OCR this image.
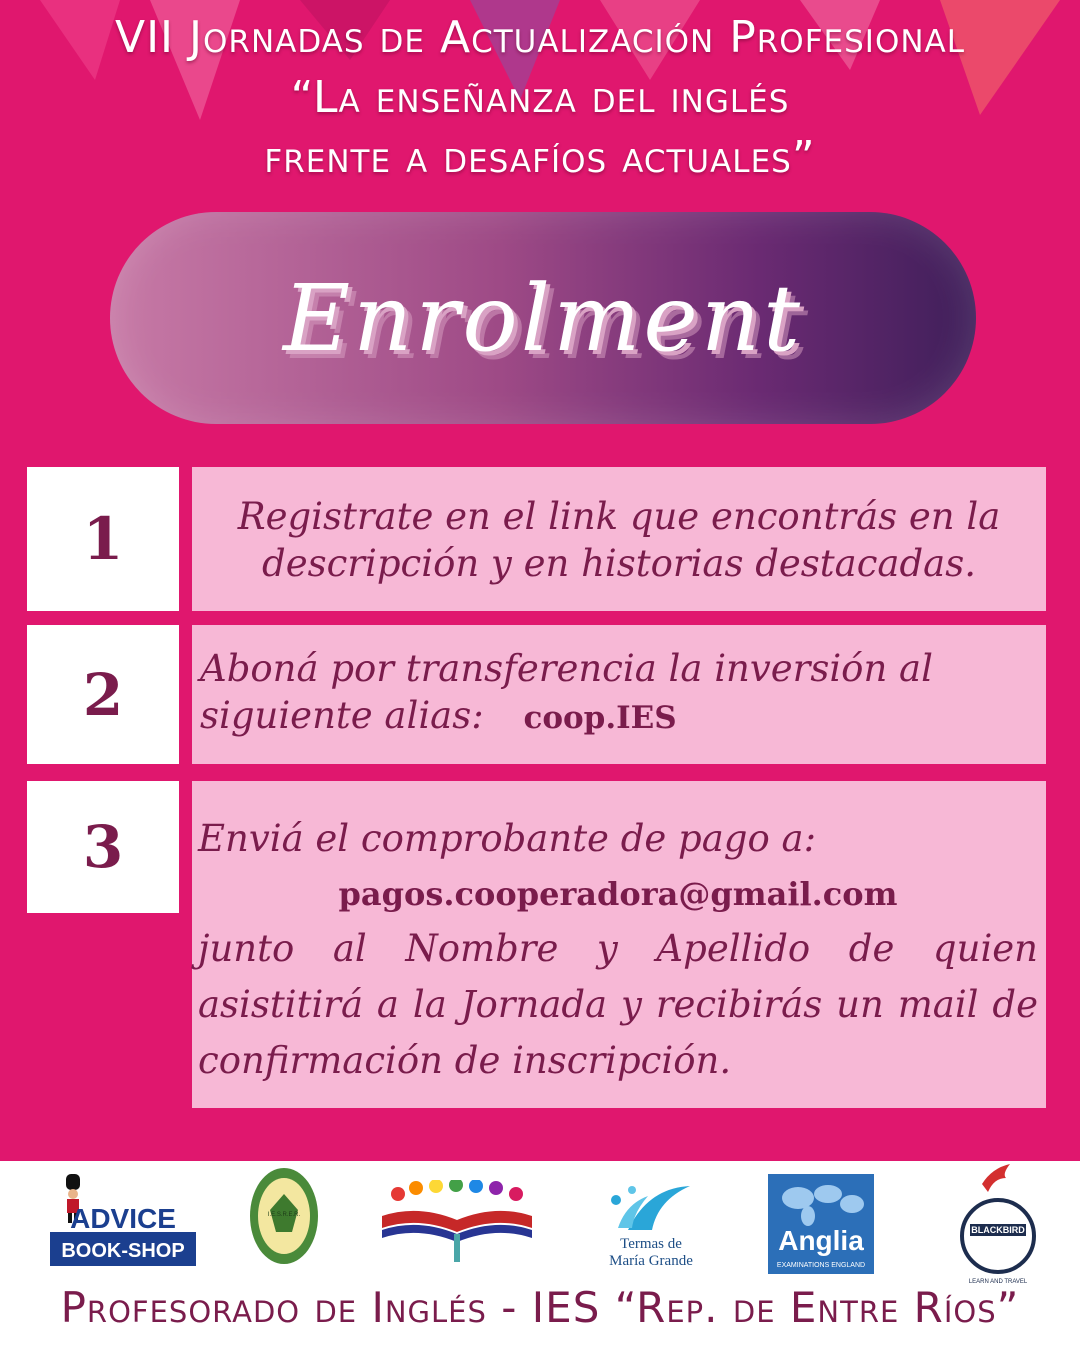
VII Jornadas de Actualización Profesional
“La enseñanza del inglés
frente a desafíos actuales”
Enrolment
1	Registrate en el link que encontrás en la descripción y en historias destacadas.
2	Aboná por transferencia la inversión al siguiente alias: coop.IES
3	Enviá el comprobante de pago a:
pagos.cooperadora@gmail.com
junto al Nombre y Apellido de quien asistitirá a la Jornada y recibirás un mail de confirmación de inscripción.
ADVICE
BOOK-SHOP
I.E.S.R.E.R.
Termas de
María Grande
Anglia
EXAMINATIONS ENGLAND
BLACKBIRD
LEARN AND TRAVEL
Profesorado de Inglés - IES “Rep. de Entre Ríos”
